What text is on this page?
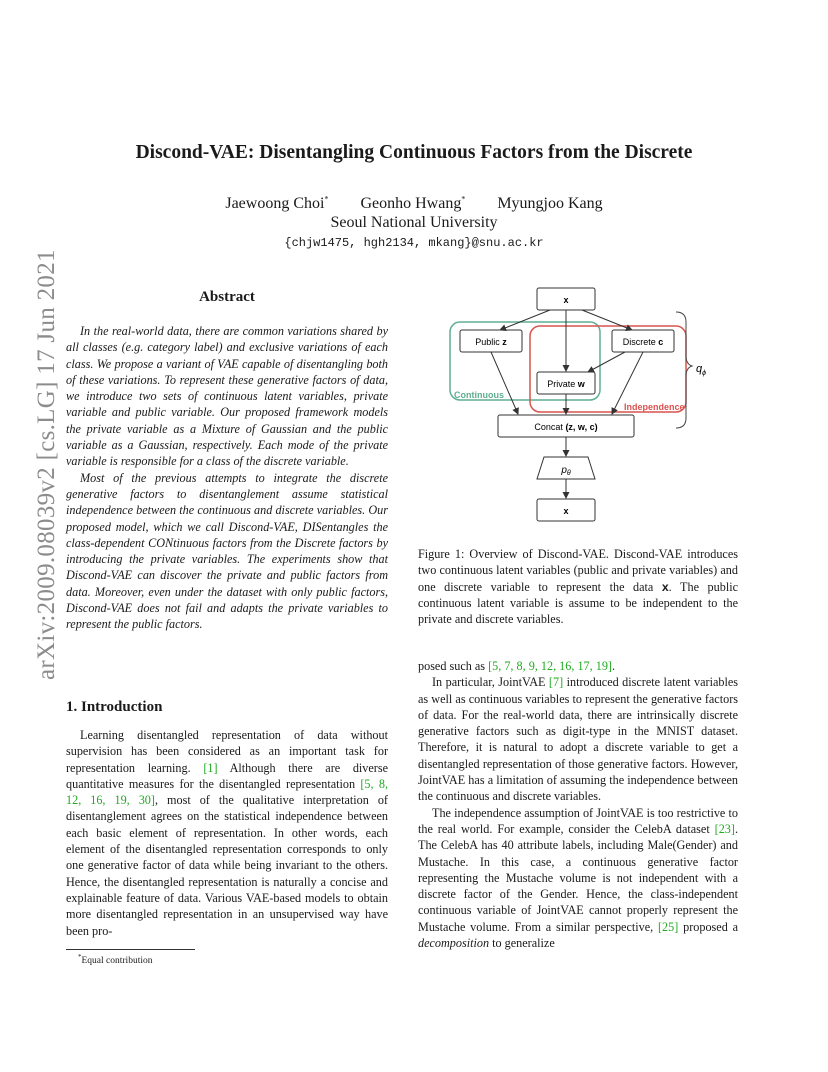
arXiv:2009.08039v2 [cs.LG] 17 Jun 2021
Discond-VAE: Disentangling Continuous Factors from the Discrete
Jaewoong Choi* Geonho Hwang* Myungjoo Kang
Seoul National University
{chjw1475, hgh2134, mkang}@snu.ac.kr
Abstract

In the real-world data, there are common variations shared by all classes (e.g. category label) and exclusive variations of each class. We propose a variant of VAE capable of disentangling both of these variations. To represent these generative factors of data, we introduce two sets of continuous latent variables, private variable and public variable. Our proposed framework models the private variable as a Mixture of Gaussian and the public variable as a Gaussian, respectively. Each mode of the private variable is responsible for a class of the discrete variable.

Most of the previous attempts to integrate the discrete generative factors to disentanglement assume statistical independence between the continuous and discrete variables. Our proposed model, which we call Discond-VAE, DISentangles the class-dependent CONtinuous factors from the Discrete factors by introducing the private variables. The experiments show that Discond-VAE can discover the private and public factors from data. Moreover, even under the dataset with only public factors, Discond-VAE does not fail and adapts the private variables to represent the public factors.

1. Introduction

Learning disentangled representation of data without supervision has been considered as an important task for representation learning. [1] Although there are diverse quantitative measures for the disentangled representation [5, 8, 12, 16, 19, 30], most of the qualitative interpretation of disentanglement agrees on the statistical independence between each basic element of representation. In other words, each element of the disentangled representation corresponds to only one generative factor of data while being invariant to the others. Hence, the disentangled representation is naturally a concise and explainable feature of data. Various VAE-based models to obtain more disentangled representation in an unsupervised way have been pro-

*Equal contribution
Continuous
Independence
$q_\phi$
x
Public z	Discrete c
Private w
Concat (z, w, c)
$p_\theta$
x

Figure 1: Overview of Discond-VAE. Discond-VAE introduces two continuous latent variables (public and private variables) and one discrete variable to represent the data x. The public continuous latent variable is assume to be independent to the private and discrete variables.

posed such as [5, 7, 8, 9, 12, 16, 17, 19].

In particular, JointVAE [7] introduced discrete latent variables as well as continuous variables to represent the generative factors of data. For the real-world data, there are intrinsically discrete generative factors such as digit-type in the MNIST dataset. Therefore, it is natural to adopt a discrete variable to get a disentangled representation of those generative factors. However, JointVAE has a limitation of assuming the independence between the continuous and discrete variables.

The independence assumption of JointVAE is too restrictive to the real world. For example, consider the CelebA dataset [23]. The CelebA has 40 attribute labels, including Male(Gender) and Mustache. In this case, a continuous generative factor representing the Mustache volume is not independent with a discrete factor of the Gender. Hence, the class-independent continuous variable of JointVAE cannot properly represent the Mustache volume. From a similar perspective, [25] proposed a decomposition to generalize
